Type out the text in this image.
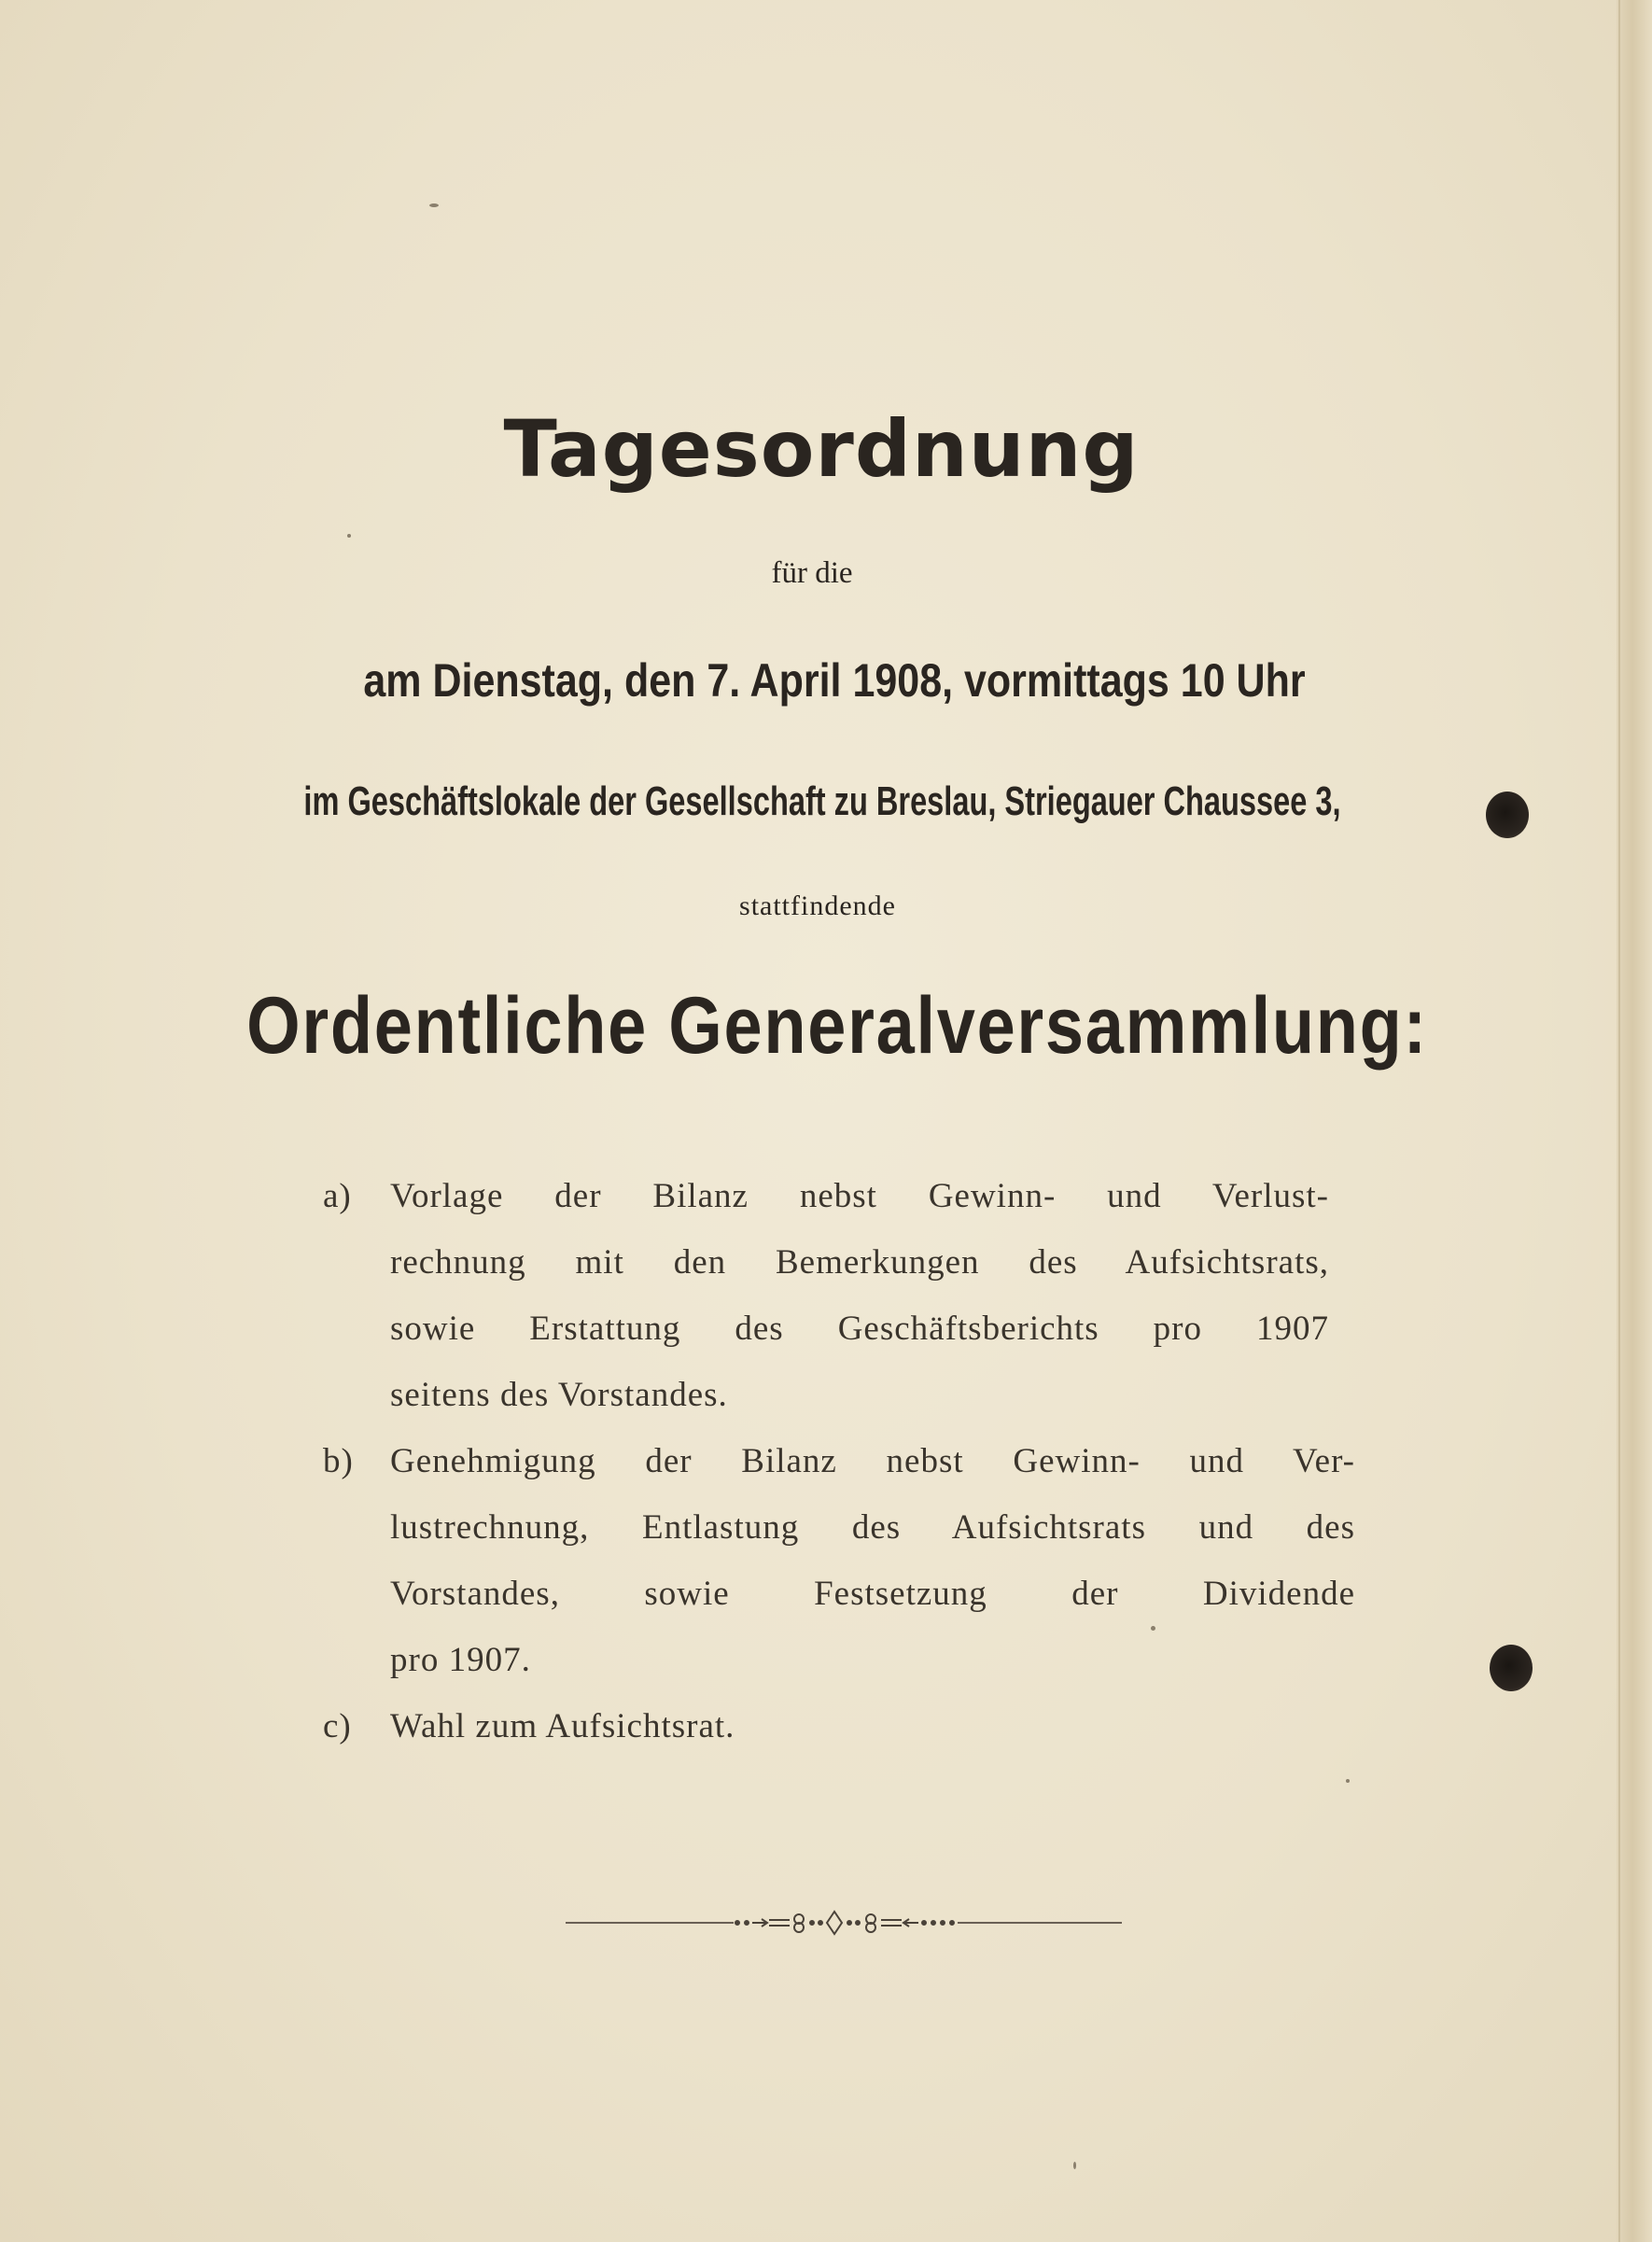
Tagesordnung
für die
am Dienstag, den 7. April 1908, vormittags 10 Uhr
im Geschäftslokale der Gesellschaft zu Breslau, Striegauer Chaussee 3,
stattfindende
Ordentliche Generalversammlung:
a) Vorlage der Bilanz nebst Gewinn- und Verlust-
rechnung mit den Bemerkungen des Aufsichtsrats,
sowie Erstattung des Geschäftsberichts pro 1907
seitens des Vorstandes.
b) Genehmigung der Bilanz nebst Gewinn- und Ver-
lustrechnung, Entlastung des Aufsichtsrats und des
Vorstandes, sowie Festsetzung der Dividende
pro 1907.
c) Wahl zum Aufsichtsrat.
